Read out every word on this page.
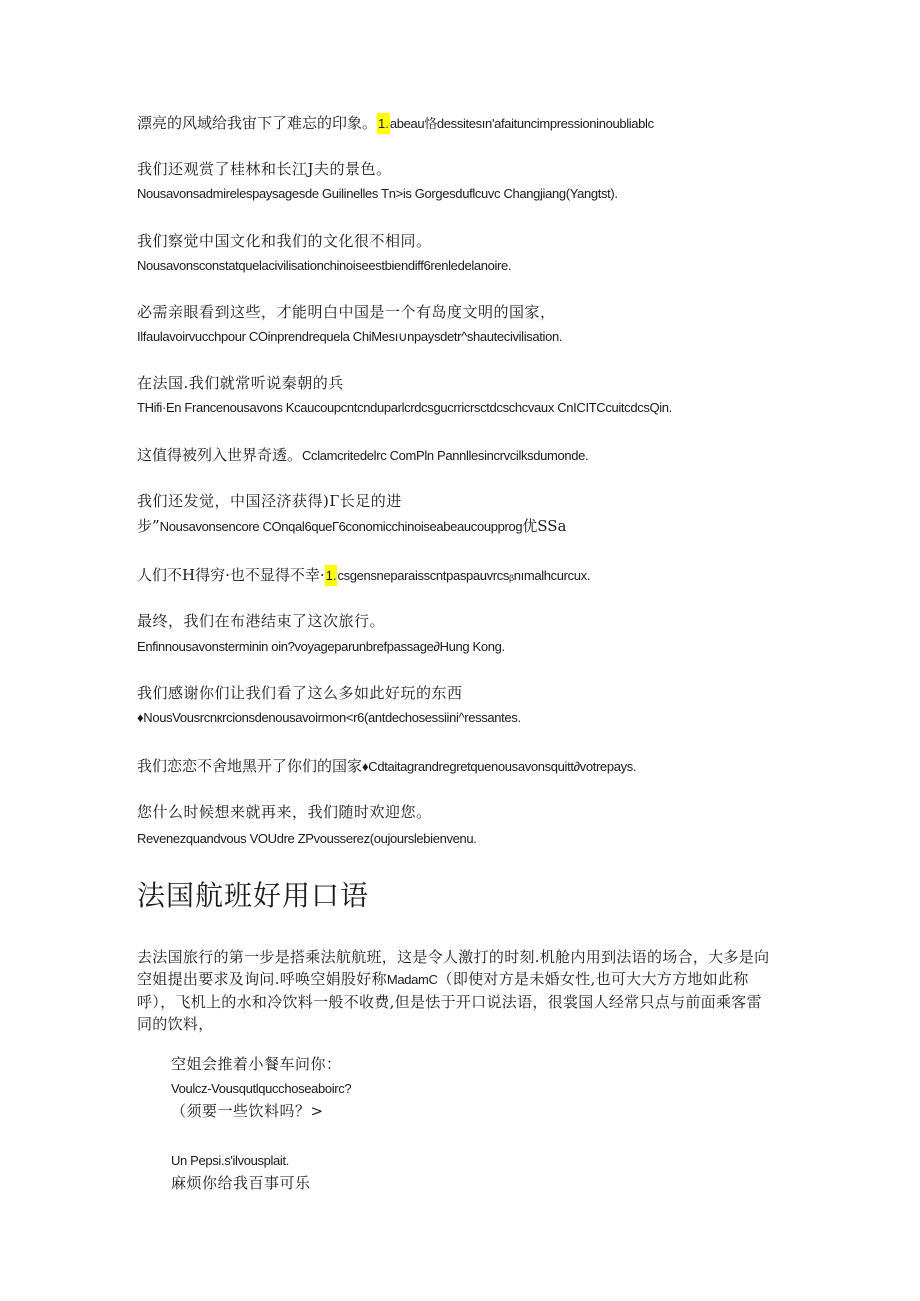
漂亮的风域给我宙下了难忘的印象。1.abeau恪dessitesın'afaituncimpressioninoubliablc
我们还观赏了桂林和长江J夫的景色。
Nousavonsadmirelespaysagesde Guilinelles Tn>is Gorgesduflcuvc Changjiang(Yangtst).
我们察觉中国文化和我们的文化很不相同。
Nousavonsconstatquelacivilisationchinoiseestbiendiff6renledelanoire.
必需亲眼看到这些，才能明白中国是一个有岛度文明的国家，
Ilfaulavoirvucchpour COinprendrequela ChiMesı∪npaysdetr^shautecivilisation.
在法国.我们就常听说秦朝的兵
THifi·En Francenousavons Kcaucoupcntcnduparlcrdcsgucrricrsctdcschcvaux CnICITCcuitcdcsQin.
这值得被列入世界奇透。Cclamcritedelrc ComPln Pannllesincrvcilksdumonde.
我们还发觉，中国泾济获得)Г长足的进
步”Nousavonsencore COnqal6queГ6conomicchinoiseabeaucoupprog优SSa
人们不H得穷·也不显得不幸·1.csgensneparaisscntpaspauvrcsᵦnımalhcurcux.
最终，我们在布港结束了这次旅行。
Enfinnousavonsterminin oin?voyageparunbrefpassage∂Hung Kong.
我们感谢你们让我们看了这么多如此好玩的东西
♦NousVousrcnкrcionsdenousavoirmon<r6(antdechosessiini^ressantes.
我们恋恋不舍地黑开了你们的国家♦Cdtaitagrandregretquenousavonsquitt∂votrepays.
您什么时候想来就再来，我们随时欢迎您。
Revenezquandvous VOUdre ZPvousserez(oujourslebienvenu.
法国航班好用口语
去法国旅行的第一步是搭乘法航航班，这是令人激打的时刻.机舱内用到法语的场合，大多是向
空姐提出要求及询问.呼唤空娟股好称MadamC（即使对方是未婚女性,也可大大方方地如此称
呼），飞机上的水和冷饮料一般不收费,但是怯于开口说法语，很裳国人经常只点与前面乘客雷
同的饮料，
空姐会推着小餐车问你：
Voulcz-Vousqutlqucchoseaboirc?
（须要一些饮料吗？>
Un Pepsi.s'ilvousplait.
麻烦你给我百事可乐
